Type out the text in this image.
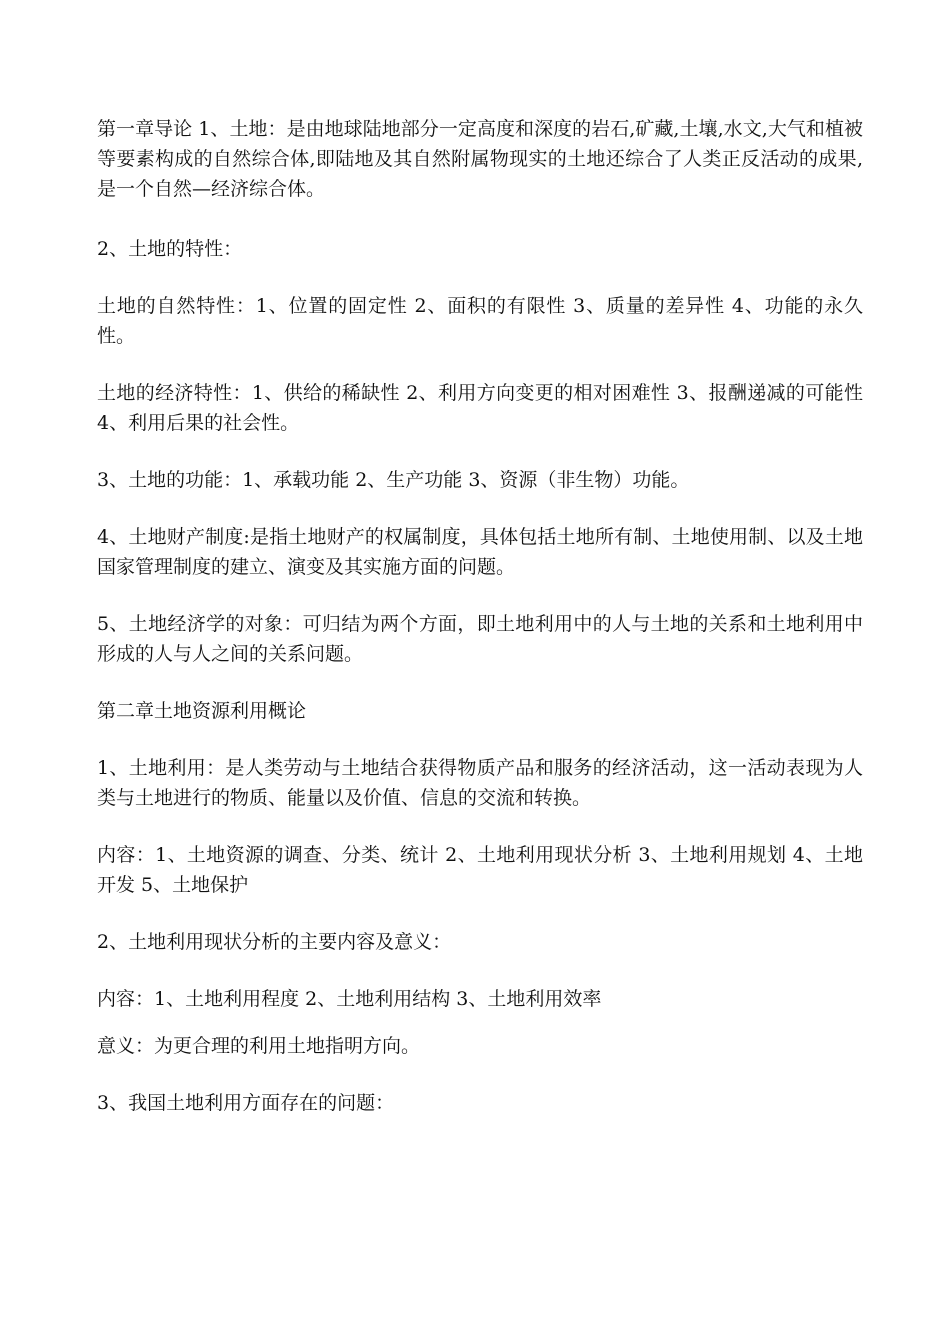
第一章导论 1、土地：是由地球陆地部分一定高度和深度的岩石,矿藏,土壤,水文,大气和植被等要素构成的自然综合体,即陆地及其自然附属物现实的土地还综合了人类正反活动的成果,是一个自然—经济综合体。

2、土地的特性：

土地的自然特性：1、位置的固定性 2、面积的有限性 3、质量的差异性 4、功能的永久性。

土地的经济特性：1、供给的稀缺性 2、利用方向变更的相对困难性 3、报酬递减的可能性 4、利用后果的社会性。

3、土地的功能：1、承载功能 2、生产功能 3、资源（非生物）功能。

4、土地财产制度:是指土地财产的权属制度，具体包括土地所有制、土地使用制、以及土地国家管理制度的建立、演变及其实施方面的问题。

5、土地经济学的对象：可归结为两个方面，即土地利用中的人与土地的关系和土地利用中形成的人与人之间的关系问题。

第二章土地资源利用概论

1、土地利用：是人类劳动与土地结合获得物质产品和服务的经济活动，这一活动表现为人类与土地进行的物质、能量以及价值、信息的交流和转换。

内容：1、土地资源的调查、分类、统计 2、土地利用现状分析 3、土地利用规划 4、土地开发 5、土地保护

2、土地利用现状分析的主要内容及意义：

内容：1、土地利用程度 2、土地利用结构 3、土地利用效率

意义：为更合理的利用土地指明方向。

3、我国土地利用方面存在的问题：
